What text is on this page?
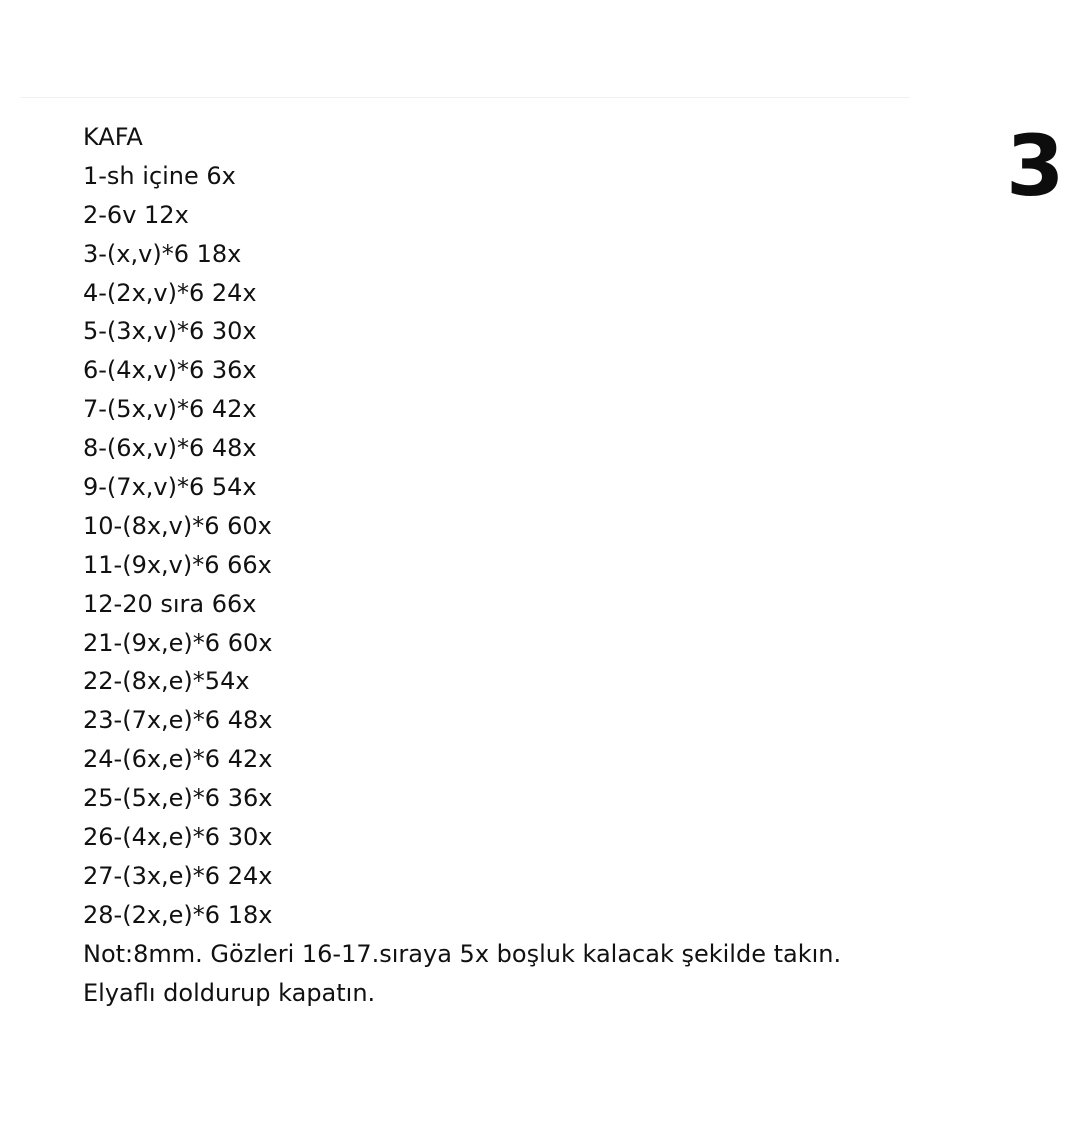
3
KAFA
1-sh içine 6x
2-6v 12x
3-(x,v)*6 18x
4-(2x,v)*6 24x
5-(3x,v)*6 30x
6-(4x,v)*6 36x
7-(5x,v)*6 42x
8-(6x,v)*6 48x
9-(7x,v)*6 54x
10-(8x,v)*6 60x
11-(9x,v)*6 66x
12-20 sıra 66x
21-(9x,e)*6 60x
22-(8x,e)*54x
23-(7x,e)*6 48x
24-(6x,e)*6 42x
25-(5x,e)*6 36x
26-(4x,e)*6 30x
27-(3x,e)*6 24x
28-(2x,e)*6 18x
Not:8mm. Gözleri 16-17.sıraya 5x boşluk kalacak şekilde takın.
Elyaflı doldurup kapatın.
